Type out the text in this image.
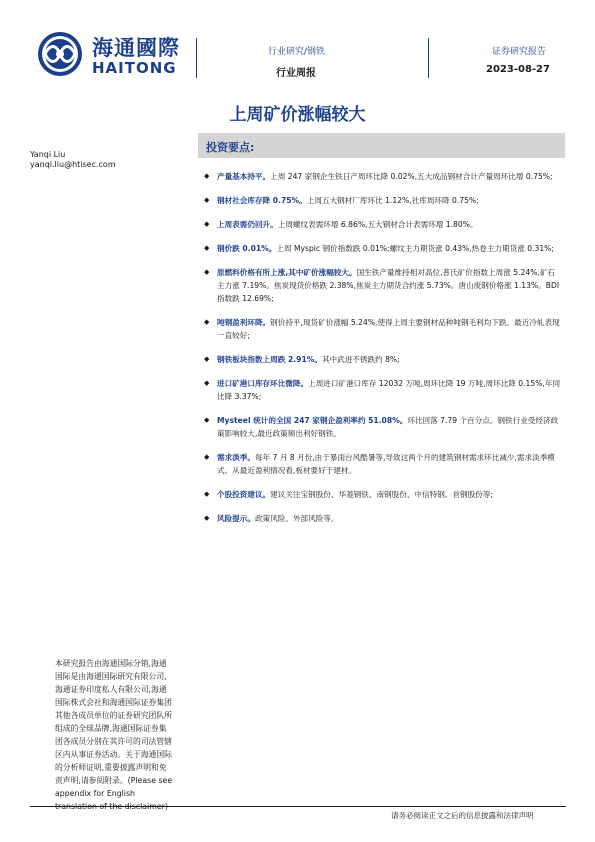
海通國際
HAITONG
行业研究/钢铁
行业周报
证券研究报告
2023-08-27
上周矿价涨幅较大
Yanqi Liu
yanqi.liu@htisec.com
投资要点:
◆ 产量基本持平。上周 247 家钢企生铁日产周环比降 0.02%,五大成品钢材合计产量周环比增 0.75%;
◆ 钢材社会库存降 0.75%。上周五大钢材厂库环比 1.12%,社库周环降 0.75%;
◆ 上周表需仍回升。上周螺纹表需环增 6.86%,五大钢材合计表需环增 1.80%。
◆ 钢价跌 0.01%。上周 Myspic 钢价指数跌 0.01%;螺纹主力期货涨 0.43%,热卷主力期货涨 0.31%;
◆ 原燃料价格有所上涨,其中矿价涨幅较大。国生铁产量维持相对高位,普氏矿价指数上周涨 5.24%,矿石主力涨 7.19%。焦炭现货价格跌 2.38%,焦炭主力期货合约涨 5.73%。唐山废钢价格涨 1.13%。BDI 指数跌 12.69%;
◆ 吨钢盈利环降。钢价持平,现货矿价涨幅 5.24%,使得上周主要钢材品种吨钢毛利均下跌。最近冷轧表现一直较好;
◆ 钢铁板块指数上周跌 2.91%。其中武进不锈跌约 8%;
◆ 进口矿港口库存环比微降。上周进口矿港口库存 12032 万吨,周环比降 19 万吨,周环比降 0.15%,年同比降 3.37%;
◆ Mysteel 统计的全国 247 家钢企盈利率约 51.08%。环比回落 7.79 个百分点。钢铁行业受经济政策影响较大,最近政策频出利好钢铁。
◆ 需求淡季。每年 7 月 8 月份,由于暴雨台风酷暑等,导致这两个月的建筑钢材需求环比减少,需求淡季模式。从最近盈利情况看,板材要好于建材。
◆ 个股投资建议。建议关注宝钢股份、华菱钢铁、南钢股份、中信特钢、首钢股份等;
◆ 风险提示。政策风险、外部风险等。
本研究报告由海通国际分销,海通国际是由海通国际研究有限公司,海通证券印度私人有限公司,海通国际株式会社和海通国际证券集团其他各成员单位的证券研究团队所组成的全球品牌,海通国际证券集团各成员分别在其许可的司法管辖区内从事证券活动。关于海通国际的分析师证明,重要披露声明和免责声明,请参阅附录。(Please see appendix for English
请务必阅读正文之后的信息披露和法律声明
